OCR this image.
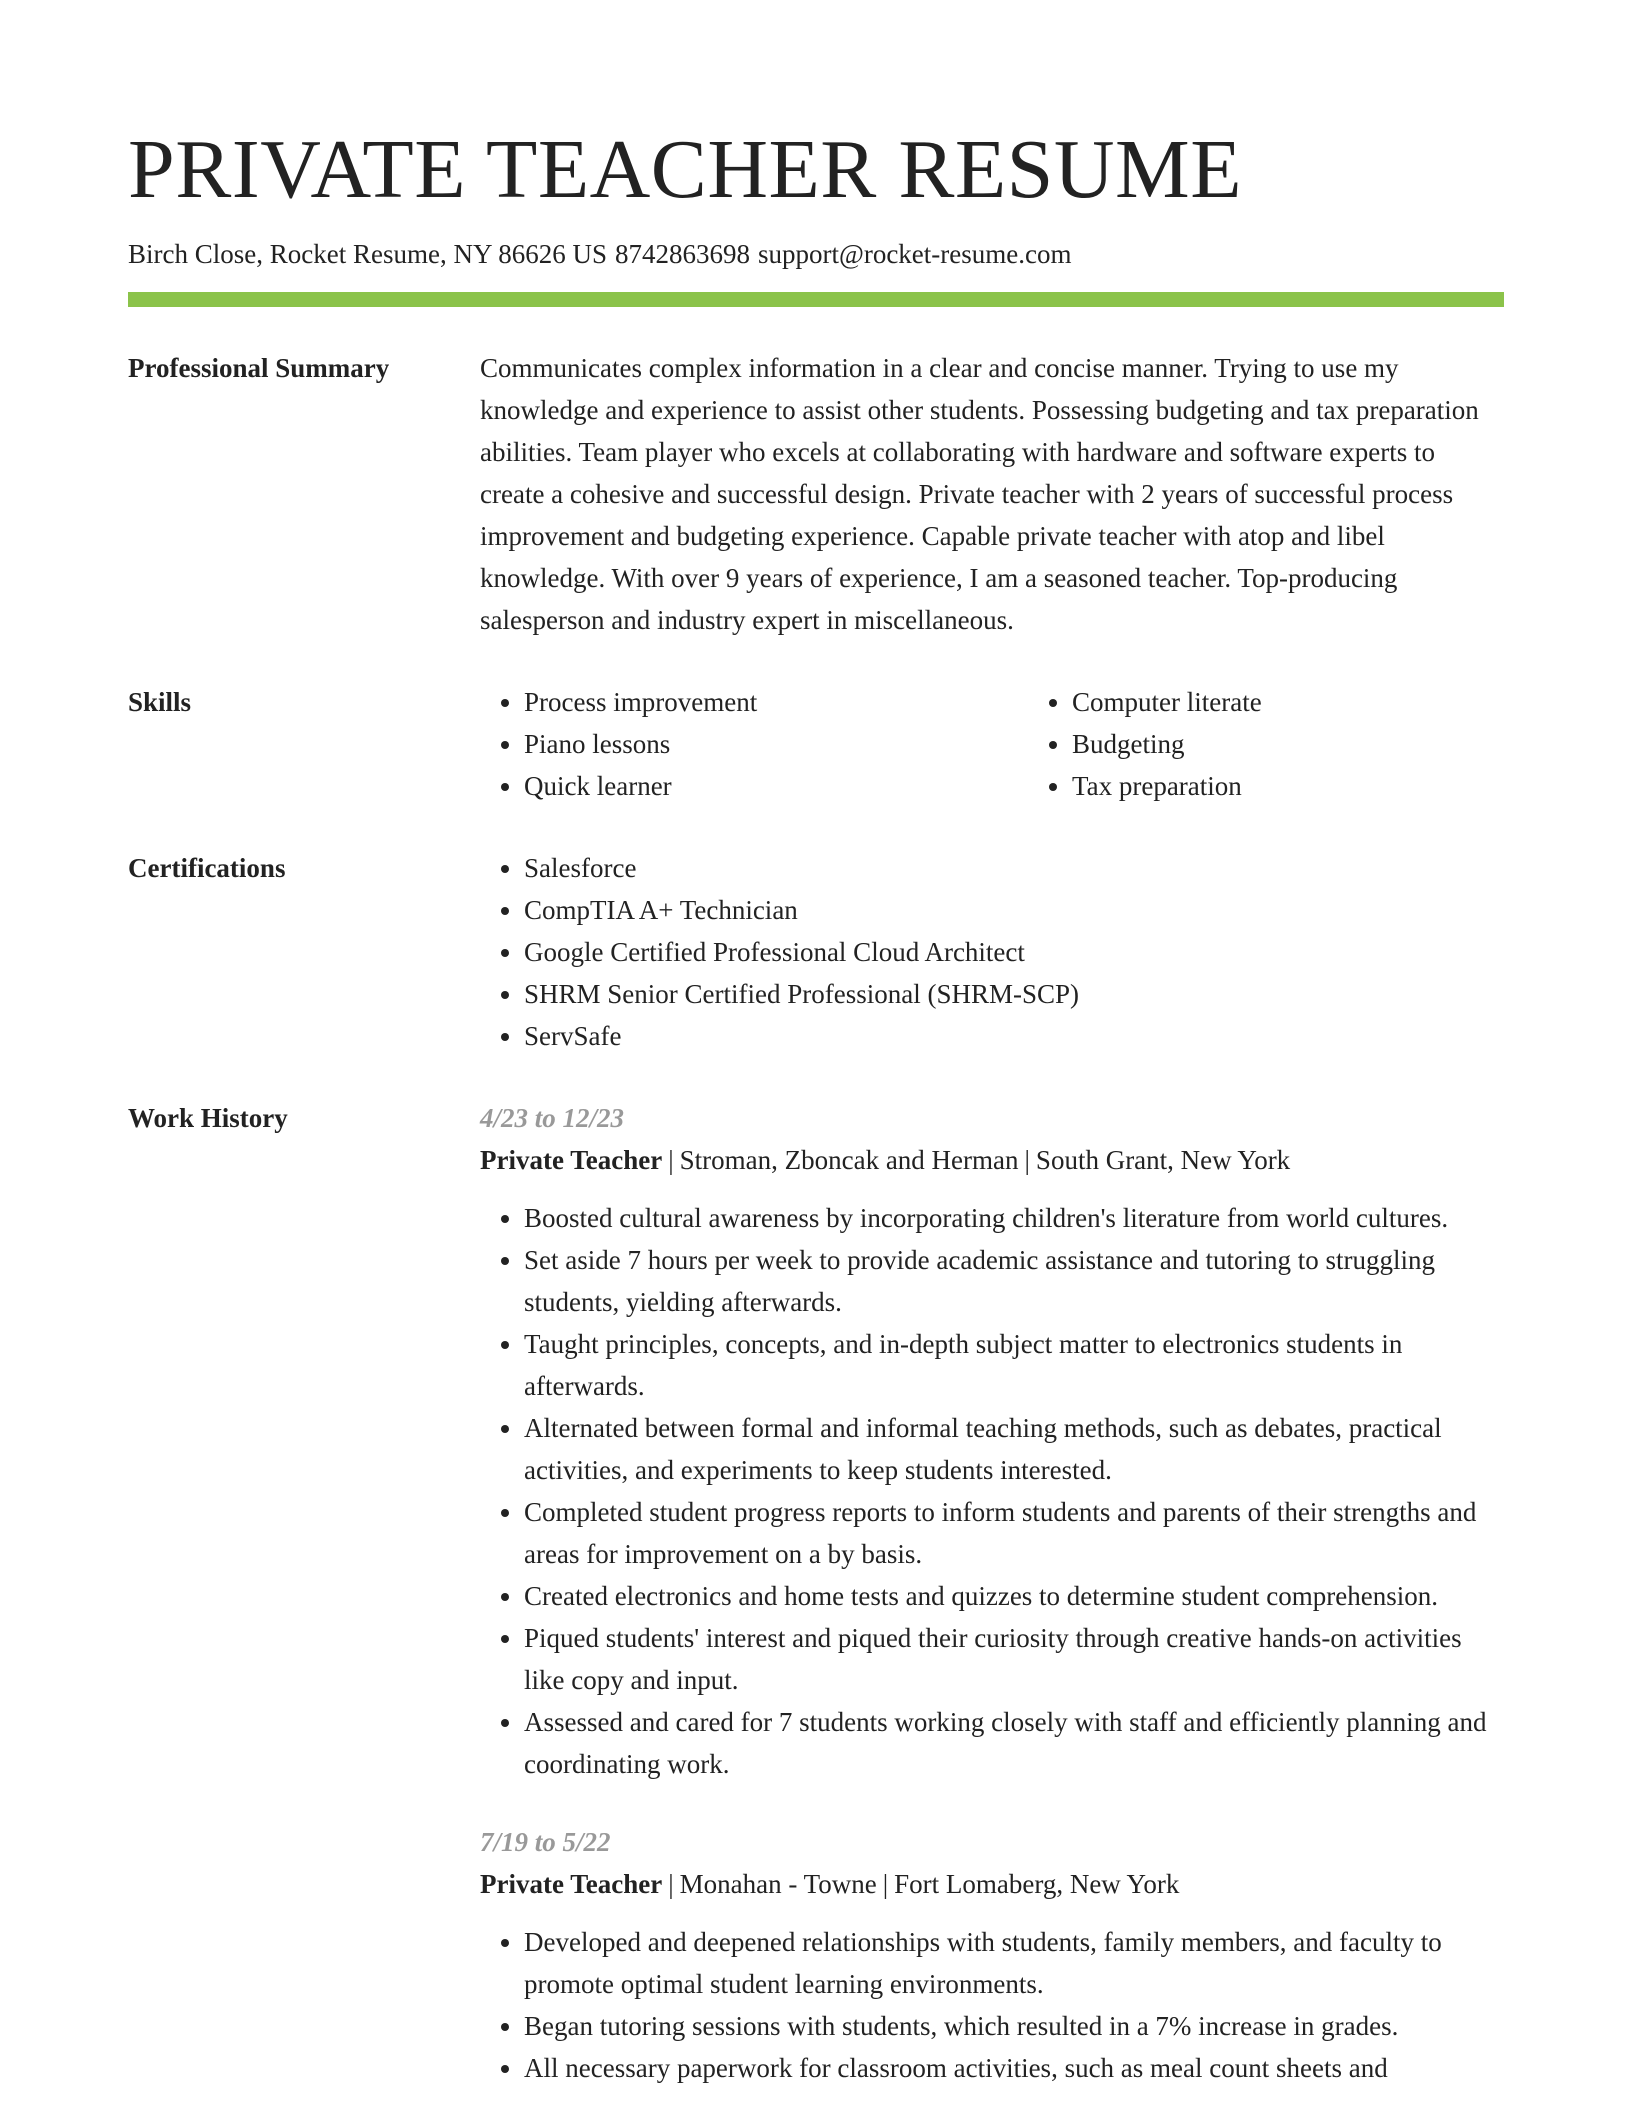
PRIVATE TEACHER RESUME
Birch Close, Rocket Resume, NY 86626 US 8742863698 support@rocket-resume.com
Professional Summary	Communicates complex information in a clear and concise manner. Trying to use my knowledge and experience to assist other students. Possessing budgeting and tax preparation abilities. Team player who excels at collaborating with hardware and software experts to create a cohesive and successful design. Private teacher with 2 years of successful process improvement and budgeting experience. Capable private teacher with atop and libel knowledge. With over 9 years of experience, I am a seasoned teacher. Top-producing salesperson and industry expert in miscellaneous.

Skills	• Process improvement
• Piano lessons
• Quick learner
• Computer literate
• Budgeting
• Tax preparation
Certifications	• Salesforce
• CompTIA A+ Technician
• Google Certified Professional Cloud Architect
• SHRM Senior Certified Professional (SHRM-SCP)
• ServSafe
Work History	4/23 to 12/23
Private Teacher | Stroman, Zboncak and Herman | South Grant, New York
• Boosted cultural awareness by incorporating children's literature from world cultures.
• Set aside 7 hours per week to provide academic assistance and tutoring to struggling students, yielding afterwards.
• Taught principles, concepts, and in-depth subject matter to electronics students in afterwards.
• Alternated between formal and informal teaching methods, such as debates, practical activities, and experiments to keep students interested.
• Completed student progress reports to inform students and parents of their strengths and areas for improvement on a by basis.
• Created electronics and home tests and quizzes to determine student comprehension.
• Piqued students' interest and piqued their curiosity through creative hands-on activities like copy and input.
• Assessed and cared for 7 students working closely with staff and efficiently planning and coordinating work.
7/19 to 5/22
Private Teacher | Monahan - Towne | Fort Lomaberg, New York
• Developed and deepened relationships with students, family members, and faculty to promote optimal student learning environments.
• Began tutoring sessions with students, which resulted in a 7% increase in grades.
• All necessary paperwork for classroom activities, such as meal count sheets and
